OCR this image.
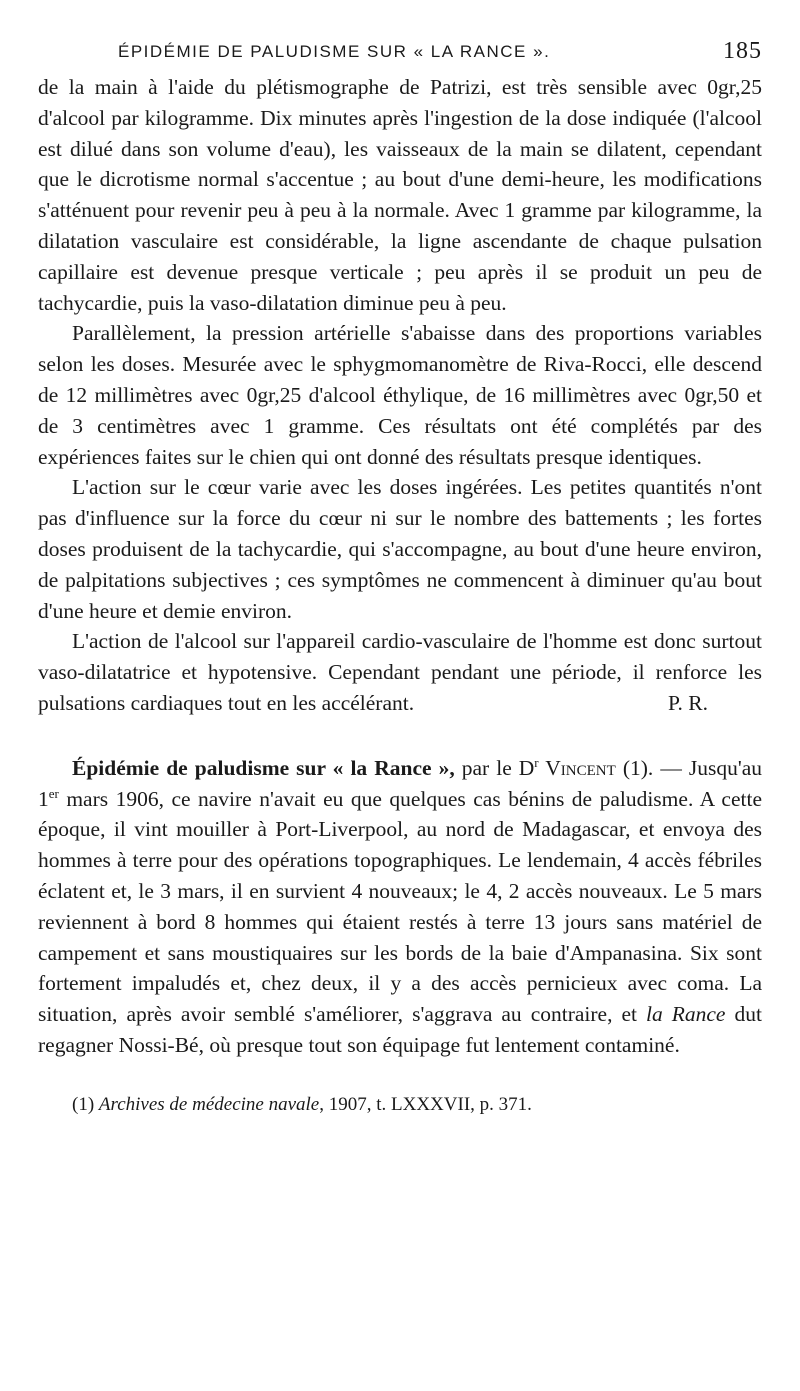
ÉPIDÉMIE DE PALUDISME SUR « LA RANCE ».	185

de la main à l'aide du plétismographe de Patrizi, est très sensible avec 0gr,25 d'alcool par kilogramme. Dix minutes après l'ingestion de la dose indiquée (l'alcool est dilué dans son volume d'eau), les vaisseaux de la main se dilatent, cependant que le dicrotisme normal s'accentue ; au bout d'une demi-heure, les modifications s'atténuent pour revenir peu à peu à la normale. Avec 1 gramme par kilogramme, la dilatation vasculaire est considérable, la ligne ascendante de chaque pulsation capillaire est devenue presque verticale ; peu après il se produit un peu de tachycardie, puis la vaso-dilatation diminue peu à peu.

Parallèlement, la pression artérielle s'abaisse dans des proportions variables selon les doses. Mesurée avec le sphygmomanomètre de Riva-Rocci, elle descend de 12 millimètres avec 0gr,25 d'alcool éthylique, de 16 millimètres avec 0gr,50 et de 3 centimètres avec 1 gramme. Ces résultats ont été complétés par des expériences faites sur le chien qui ont donné des résultats presque identiques.

L'action sur le cœur varie avec les doses ingérées. Les petites quantités n'ont pas d'influence sur la force du cœur ni sur le nombre des battements ; les fortes doses produisent de la tachycardie, qui s'accompagne, au bout d'une heure environ, de palpitations subjectives ; ces symptômes ne commencent à diminuer qu'au bout d'une heure et demie environ.

L'action de l'alcool sur l'appareil cardio-vasculaire de l'homme est donc surtout vaso-dilatatrice et hypotensive. Cependant pendant une période, il renforce les pulsations cardiaques tout en les accélérant.	P. R.

Épidémie de paludisme sur « la Rance », par le $D^r$ Vincent (1). — Jusqu'au 1er mars 1906, ce navire n'avait eu que quelques cas bénins de paludisme. A cette époque, il vint mouiller à Port-Liverpool, au nord de Madagascar, et envoya des hommes à terre pour des opérations topographiques. Le lendemain, 4 accès fébriles éclatent et, le 3 mars, il en survient 4 nouveaux; le 4, 2 accès nouveaux. Le 5 mars reviennent à bord 8 hommes qui étaient restés à terre 13 jours sans matériel de campement et sans moustiquaires sur les bords de la baie d'Ampanasina. Six sont fortement impaludés et, chez deux, il y a des accès pernicieux avec coma. La situation, après avoir semblé s'améliorer, s'aggrava au contraire, et la Rance dut regagner Nossi-Bé, où presque tout son équipage fut lentement contaminé.

(1) Archives de médecine navale, 1907, t. LXXXVII, p. 371.
